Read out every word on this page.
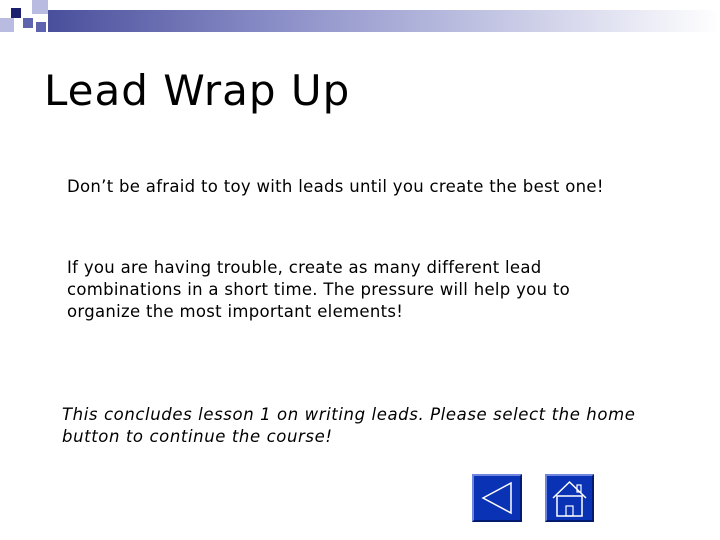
Lead Wrap Up
Don’t be afraid to toy with leads until you create the best one!
If you are having trouble, create as many different lead combinations in a short time. The pressure will help you to organize the most important elements!
This concludes lesson 1 on writing leads. Please select the home button to continue the course!
